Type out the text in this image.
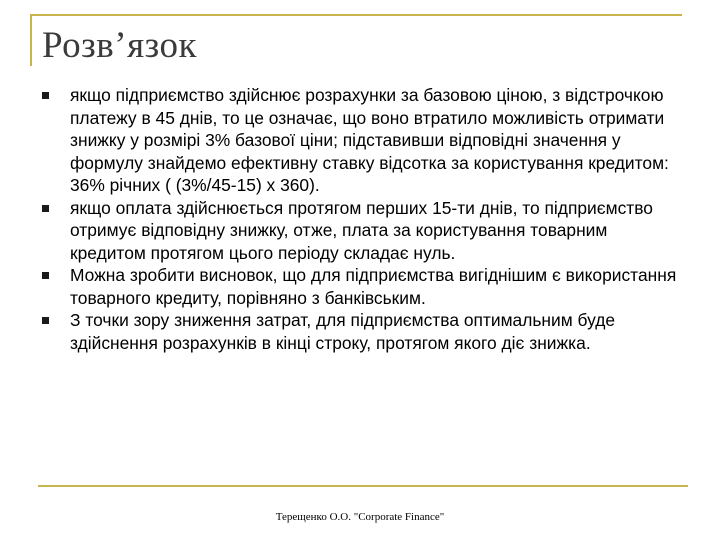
Розв’язок
якщо підприємство здійснює розрахунки за базовою ціною, з відстрочкою платежу в 45 днів, то це означає, що воно втратило можливість отримати знижку у розмірі 3% базової ціни; підставивши відповідні значення у формулу знайдемо ефективну ставку відсотка за користування кредитом: 36% річних ( (3%/45-15) х 360).
якщо оплата здійснюється протягом перших 15-ти днів, то підприємство отримує відповідну знижку, отже, плата за користування товарним кредитом протягом цього періоду складає нуль.
Можна зробити висновок, що для підприємства вигіднішим є використання товарного кредиту, порівняно з банківським.
З точки зору зниження затрат, для підприємства оптимальним буде здійснення розрахунків в кінці строку, протягом якого діє знижка.
Терещенко О.О. "Corporate Finance"
